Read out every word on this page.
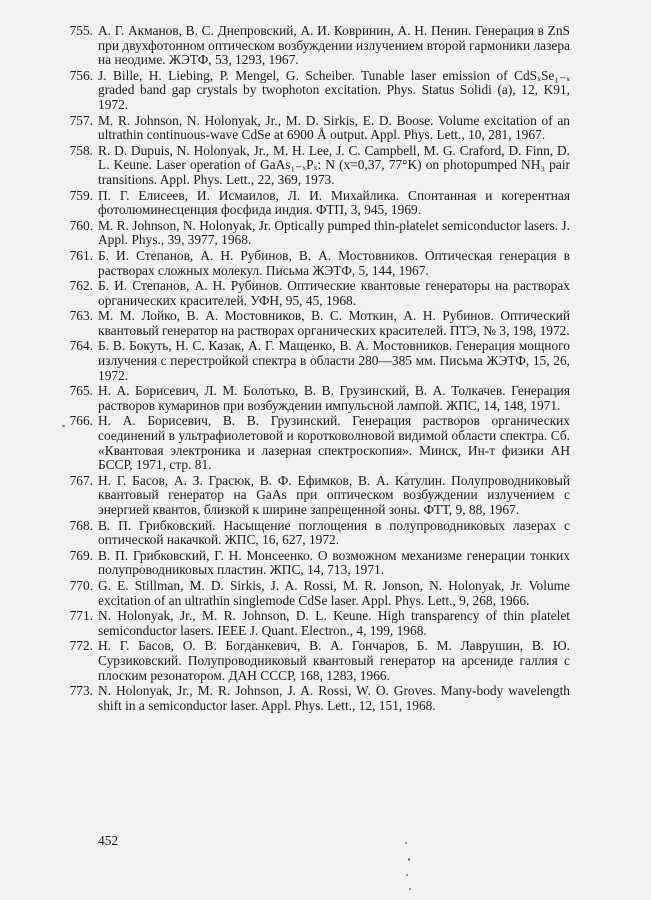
755. А. Г. Акманов, В. С. Днепровский, А. И. Ковринин, А. Н. Пенин. Генерация в ZnS при двухфотонном оптическом возбуждении излучением второй гармоники лазера на неодиме. ЖЭТФ, 53, 1293, 1967.
756. J. Bille, H. Liebing, P. Mengel, G. Scheiber. Tunable laser emission of CdSₓSe₁₋ₓ graded band gap crystals by twophoton excitation. Phys. Status Solidi (a), 12, K91, 1972.
757. M. R. Johnson, N. Holonyak, Jr., M. D. Sirkis, E. D. Boose. Volume excitation of an ultrathin continuous-wave CdSe at 6900 Å output. Appl. Phys. Lett., 10, 281, 1967.
758. R. D. Dupuis, N. Holonyak, Jr., M. H. Lee, J. C. Campbell, M. G. Craford, D. Finn, D. L. Keune. Laser operation of GaAs₁₋ₓPₓ: N (x=0,37, 77°K) on photopumped NH₃ pair transitions. Appl. Phys. Lett., 22, 369, 1973.
759. П. Г. Елисеев, И. Исмаилов, Л. И. Михайлика. Спонтанная и когерентная фотолюминесценция фосфида индия. ФТП, 3, 945, 1969.
760. M. R. Johnson, N. Holonyak, Jr. Optically pumped thin-platelet semiconductor lasers. J. Appl. Phys., 39, 3977, 1968.
761. Б. И. Степанов, А. Н. Рубинов, В. А. Мостовников. Оптическая генерация в растворах сложных молекул. Письма ЖЭТФ, 5, 144, 1967.
762. Б. И. Степанов, А. Н. Рубинов. Оптические квантовые генераторы на растворах органических красителей. УФН, 95, 45, 1968.
763. М. М. Лойко, В. А. Мостовников, В. С. Моткин, А. Н. Рубинов. Оптический квантовый генератор на растворах органических красителей. ПТЭ, № 3, 198, 1972.
764. Б. В. Бокуть, Н. С. Казак, А. Г. Мащенко, В. А. Мостовников. Генерация мощного излучения с перестройкой спектра в области 280—385 мм. Письма ЖЭТФ, 15, 26, 1972.
765. Н. А. Борисевич, Л. М. Болотько, В. В. Грузинский, В. А. Толкачев. Генерация растворов кумаринов при возбуждении импульсной лампой. ЖПС, 14, 148, 1971.
766. Н. А. Борисевич, В. В. Грузинский. Генерация растворов органических соединений в ультрафиолетовой и коротковолновой видимой области спектра. Сб. «Квантовая электроника и лазерная спектроскопия». Минск, Ин-т физики АН БССР, 1971, стр. 81.
767. Н. Г. Басов, А. З. Грасюк, В. Ф. Ефимков, В. А. Катулин. Полупроводниковый квантовый генератор на GaAs при оптическом возбуждении излучением с энергией квантов, близкой к ширине запрещенной зоны. ФТТ, 9, 88, 1967.
768. В. П. Грибковский. Насыщение поглощения в полупроводниковых лазерах с оптической накачкой. ЖПС, 16, 627, 1972.
769. В. П. Грибковский, Г. Н. Монсеенко. О возможном механизме генерации тонких полупроводниковых пластин. ЖПС, 14, 713, 1971.
770. G. E. Stillman, M. D. Sirkis, J. A. Rossi, M. R. Jonson, N. Holonyak, Jr. Volume excitation of an ultrathin singlemode CdSe laser. Appl. Phys. Lett., 9, 268, 1966.
771. N. Holonyak, Jr., M. R. Johnson, D. L. Keune. High transparency of thin platelet semiconductor lasers. IEEE J. Quant. Electron., 4, 199, 1968.
772. Н. Г. Басов, О. В. Богданкевич, В. А. Гончаров, Б. М. Лаврушин, В. Ю. Сурзиковский. Полупроводниковый квантовый генератор на арсениде галлия с плоским резонатором. ДАН СССР, 168, 1283, 1966.
773. N. Holonyak, Jr., M. R. Johnson, J. A. Rossi, W. O. Groves. Many-body wavelength shift in a semiconductor laser. Appl. Phys. Lett., 12, 151, 1968.
452
